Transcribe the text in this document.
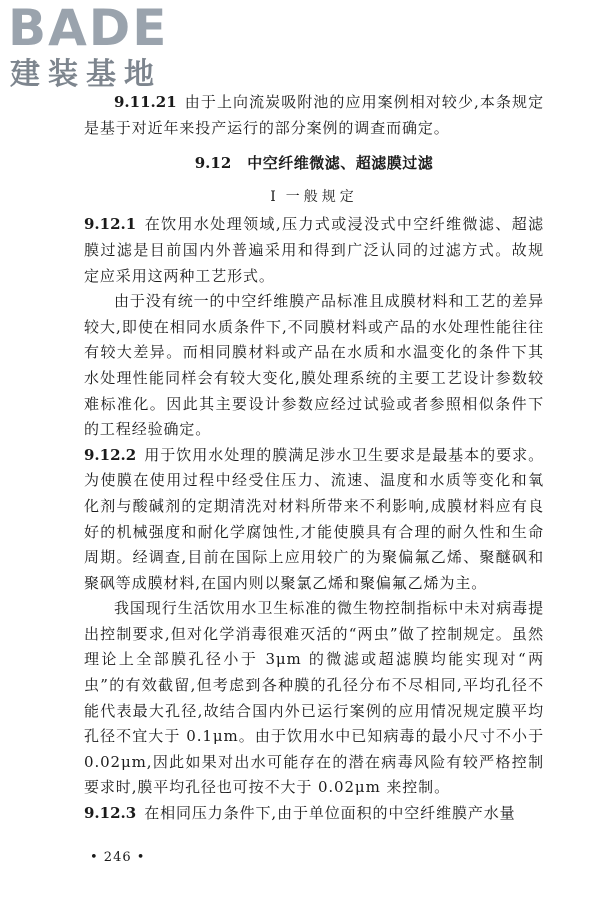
BADE
建装基地

9.11.21 由于上向流炭吸附池的应用案例相对较少,本条规定是基于对近年来投产运行的部分案例的调查而确定。

9.12 中空纤维微滤、超滤膜过滤
Ⅰ 一般规定

9.12.1 在饮用水处理领域,压力式或浸没式中空纤维微滤、超滤膜过滤是目前国内外普遍采用和得到广泛认同的过滤方式。故规定应采用这两种工艺形式。

由于没有统一的中空纤维膜产品标准且成膜材料和工艺的差异较大,即使在相同水质条件下,不同膜材料或产品的水处理性能往往有较大差异。而相同膜材料或产品在水质和水温变化的条件下其水处理性能同样会有较大变化,膜处理系统的主要工艺设计参数较难标准化。因此其主要设计参数应经过试验或者参照相似条件下的工程经验确定。

9.12.2 用于饮用水处理的膜满足涉水卫生要求是最基本的要求。为使膜在使用过程中经受住压力、流速、温度和水质等变化和氧化剂与酸碱剂的定期清洗对材料所带来不利影响,成膜材料应有良好的机械强度和耐化学腐蚀性,才能使膜具有合理的耐久性和生命周期。经调查,目前在国际上应用较广的为聚偏氟乙烯、聚醚砜和聚砜等成膜材料,在国内则以聚氯乙烯和聚偏氟乙烯为主。

我国现行生活饮用水卫生标准的微生物控制指标中未对病毒提出控制要求,但对化学消毒很难灭活的“两虫”做了控制规定。虽然理论上全部膜孔径小于 3μm 的微滤或超滤膜均能实现对“两虫”的有效截留,但考虑到各种膜的孔径分布不尽相同,平均孔径不能代表最大孔径,故结合国内外已运行案例的应用情况规定膜平均孔径不宜大于 0.1μm。由于饮用水中已知病毒的最小尺寸不小于 0.02μm,因此如果对出水可能存在的潜在病毒风险有较严格控制要求时,膜平均孔径也可按不大于 0.02μm 来控制。

9.12.3 在相同压力条件下,由于单位面积的中空纤维膜产水量

• 246 •
